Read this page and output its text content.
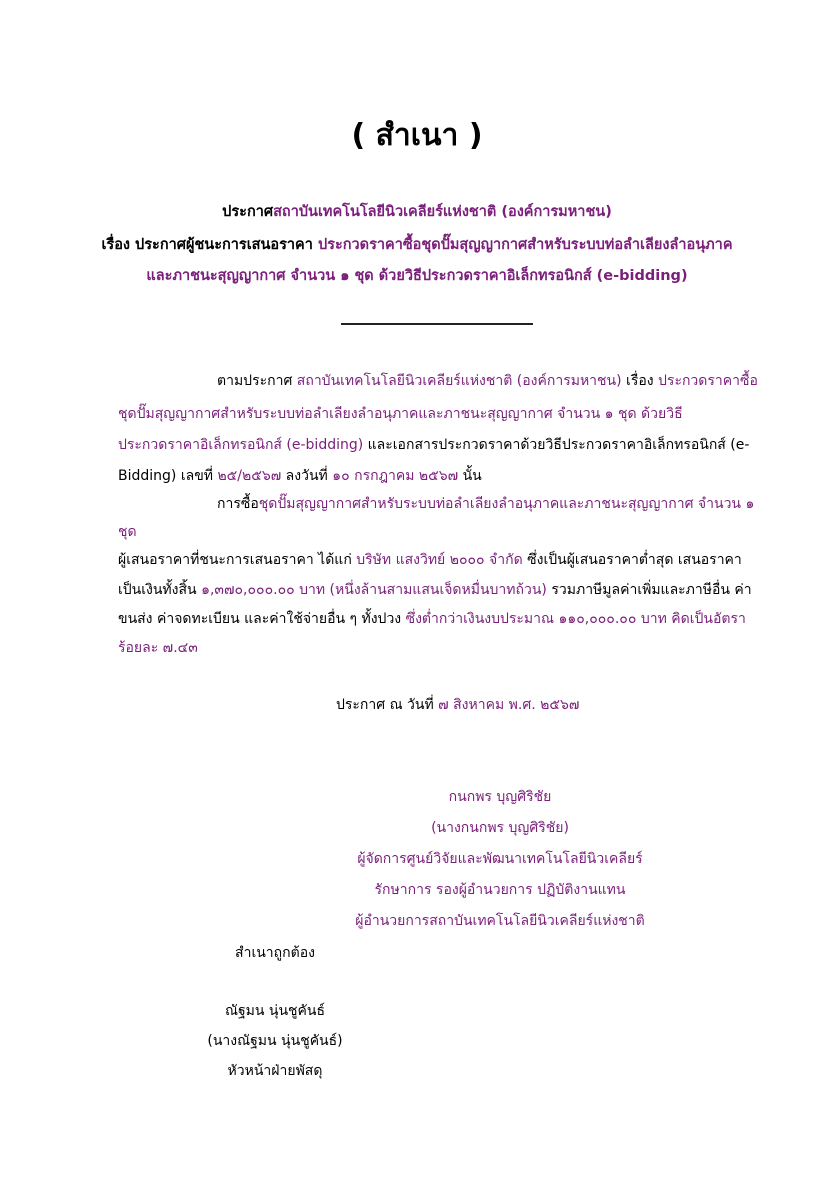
( สำเนา )
ประกาศสถาบันเทคโนโลยีนิวเคลียร์แห่งชาติ (องค์การมหาชน)
เรื่อง ประกาศผู้ชนะการเสนอราคา ประกวดราคาซื้อชุดปั๊มสุญญากาศสำหรับระบบท่อลำเลียงลำอนุภาค
และภาชนะสุญญากาศ จำนวน ๑ ชุด ด้วยวิธีประกวดราคาอิเล็กทรอนิกส์ (e-bidding)
ตามประกาศ สถาบันเทคโนโลยีนิวเคลียร์แห่งชาติ (องค์การมหาชน) เรื่อง ประกวดราคาซื้อ
ชุดปั๊มสุญญากาศสำหรับระบบท่อลำเลียงลำอนุภาคและภาชนะสุญญากาศ จำนวน ๑ ชุด ด้วยวิธี
ประกวดราคาอิเล็กทรอนิกส์ (e-bidding) และเอกสารประกวดราคาด้วยวิธีประกวดราคาอิเล็กทรอนิกส์ (e-
Bidding) เลขที่ ๒๕/๒๕๖๗ ลงวันที่ ๑๐ กรกฎาคม ๒๕๖๗ นั้น
การซื้อชุดปั๊มสุญญากาศสำหรับระบบท่อลำเลียงลำอนุภาคและภาชนะสุญญากาศ จำนวน ๑
ชุด
ผู้เสนอราคาที่ชนะการเสนอราคา ได้แก่ บริษัท แสงวิทย์ ๒๐๐๐ จำกัด ซึ่งเป็นผู้เสนอราคาต่ำสุด เสนอราคา
เป็นเงินทั้งสิ้น ๑,๓๗๐,๐๐๐.๐๐ บาท (หนึ่งล้านสามแสนเจ็ดหมื่นบาทถ้วน) รวมภาษีมูลค่าเพิ่มและภาษีอื่น ค่า
ขนส่ง ค่าจดทะเบียน และค่าใช้จ่ายอื่น ๆ ทั้งปวง ซึ่งต่ำกว่าเงินงบประมาณ ๑๑๐,๐๐๐.๐๐ บาท คิดเป็นอัตรา
ร้อยละ ๗.๔๓
ประกาศ ณ วันที่ ๗ สิงหาคม พ.ศ. ๒๕๖๗
กนกพร บุญศิริชัย
(นางกนกพร บุญศิริชัย)
ผู้จัดการศูนย์วิจัยและพัฒนาเทคโนโลยีนิวเคลียร์
รักษาการ รองผู้อำนวยการ ปฏิบัติงานแทน
ผู้อำนวยการสถาบันเทคโนโลยีนิวเคลียร์แห่งชาติ
สำเนาถูกต้อง
ณัฐมน นุ่นชูคันธ์
(นางณัฐมน นุ่นชูคันธ์)
หัวหน้าฝ่ายพัสดุ
